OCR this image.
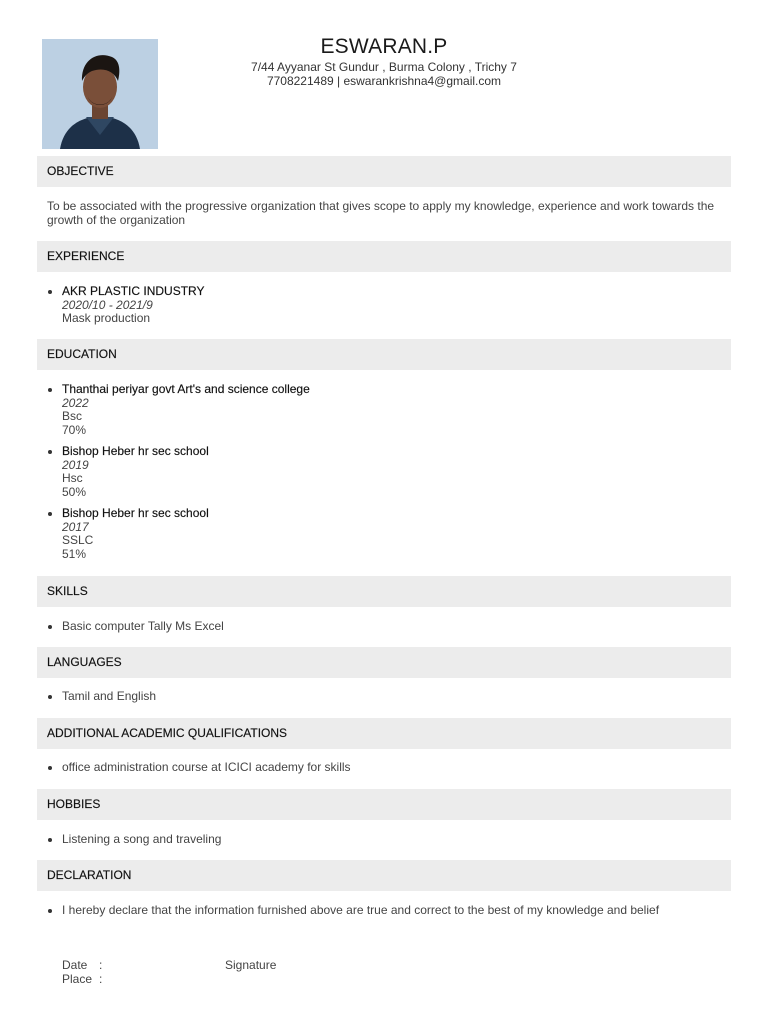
ESWARAN.P
7/44 Ayyanar St Gundur , Burma Colony , Trichy 7
7708221489 | eswarankrishna4@gmail.com
OBJECTIVE
To be associated with the progressive organization that gives scope to apply my knowledge, experience and work towards the growth of the organization
EXPERIENCE
AKR PLASTIC INDUSTRY
2020/10 - 2021/9
Mask production
EDUCATION
Thanthai periyar govt Art's and science college
2022
Bsc
70%
Bishop Heber hr sec school
2019
Hsc
50%
Bishop Heber hr sec school
2017
SSLC
51%
SKILLS
Basic computer Tally Ms Excel
LANGUAGES
Tamil and English
ADDITIONAL ACADEMIC QUALIFICATIONS
office administration course at ICICI academy for skills
HOBBIES
Listening a song and traveling
DECLARATION
I hereby declare that the information furnished above are true and correct to the best of my knowledge and belief
Date :
Place :
Signature
